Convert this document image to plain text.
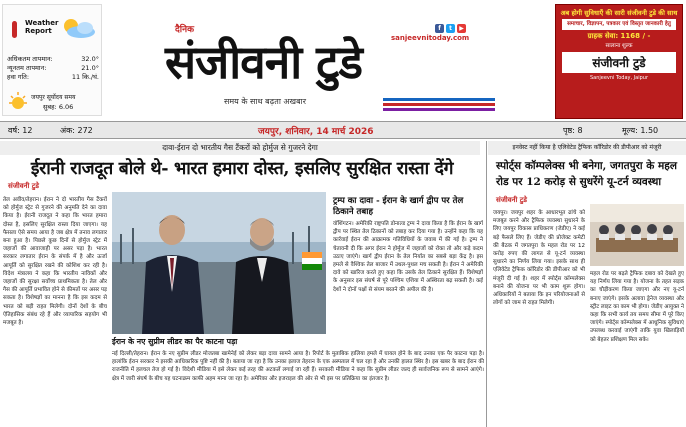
Weather Report
अधिकतम तापमान:	32.0°
न्यूनतम तापमान:	21.0°
हवा गति:	11 कि./घं.
जयपुर सूर्योदय समय
सुबह: 6.06
दैनिक
संजीवनी टुडे	sanjeevnitoday.com
f	t	▶
समय के साथ बढ़ता अखबार
अब होगी सुविधाएँ की सारी संजीवनी टुडे की साथ
समाचार, विज्ञापन, पत्रकार एवं विस्तृत जानकारी हेतु
ग्राहक सेवा: 1168 / -
सालाना शुल्क
संजीवनी टुडे
Sanjeevni Today, Jaipur
वर्ष: 12	अंक: 272	जयपुर, शनिवार, 14 मार्च 2026	पृष्ठ: 8	मूल्य: 1.50
दावा-ईरान दो भारतीय गैस टैंकरों को होर्मुज से गुजरने देगा
ईरानी राजदूत बोले थे- भारत हमारा दोस्त, इसलिए सुरक्षित रास्ता देंगे
संजीवनी टुडे
तेल अवीव/तेहरान। ईरान ने दो भारतीय गैस टैंकरों को होर्मुज स्ट्रेट से गुजरने की अनुमति देने का दावा किया है। ईरानी राजदूत ने कहा कि भारत हमारा दोस्त है, इसलिए सुरक्षित रास्ता दिया जाएगा। यह फैसला ऐसे समय आया है जब क्षेत्र में तनाव लगातार बना हुआ है। पिछले कुछ दिनों से होर्मुज स्ट्रेट में जहाजों की आवाजाही पर असर पड़ा है। भारत सरकार लगातार ईरान के संपर्क में है और ऊर्जा आपूर्ति को सुरक्षित रखने की कोशिश कर रही है। विदेश मंत्रालय ने कहा कि भारतीय नाविकों और जहाजों की सुरक्षा सर्वोच्च प्राथमिकता है। तेल और गैस की आपूर्ति प्रभावित होने से कीमतों पर असर पड़ सकता है। विशेषज्ञों का मानना है कि इस कदम से भारत को बड़ी राहत मिलेगी। दोनों देशों के बीच ऐतिहासिक संबंध रहे हैं और व्यापारिक सहयोग भी मजबूत है।
ईरान के नए सुप्रीम लीडर का पैर काटना पड़ा
नई दिल्ली/तेहरान। ईरान के नए सुप्रीम लीडर मोजतबा खामेनेई को लेकर बड़ा दावा सामने आया है। रिपोर्ट के मुताबिक हालिया हमले में घायल होने के बाद उनका एक पैर काटना पड़ा है। हालांकि ईरान सरकार ने इसकी आधिकारिक पुष्टि नहीं की है। बताया जा रहा है कि उनका इलाज तेहरान के एक अस्पताल में चल रहा है और उनकी हालत स्थिर है। इस खबर के बाद ईरान की राजनीति में हलचल तेज हो गई है। विदेशी मीडिया में इसे लेकर कई तरह की अटकलें लगाई जा रही हैं। सरकारी मीडिया ने कहा कि सुप्रीम लीडर जल्द ही सार्वजनिक रूप से सामने आएंगे। क्षेत्र में जारी संघर्ष के बीच यह घटनाक्रम काफी अहम माना जा रहा है। अमेरिका और इजराइल की ओर से भी इस पर प्रतिक्रिया का इंतजार है।
ट्रम्प का दावा - ईरान के खार्ग द्वीप पर तेल ठिकाने तबाह
वॉशिंगटन। अमेरिकी राष्ट्रपति डोनाल्ड ट्रम्प ने दावा किया है कि ईरान के खार्ग द्वीप पर स्थित तेल ठिकानों को तबाह कर दिया गया है। उन्होंने कहा कि यह कार्रवाई ईरान की आक्रामक गतिविधियों के जवाब में की गई है। ट्रम्प ने चेतावनी दी कि अगर ईरान ने होर्मुज में जहाजों को रोका तो और कड़े कदम उठाए जाएंगे। खार्ग द्वीप ईरान के तेल निर्यात का सबसे बड़ा केंद्र है। इस हमले से वैश्विक तेल बाजार में उथल-पुथल मच सकती है। ईरान ने अमेरिकी दावे को खारिज करते हुए कहा कि उसके तेल ठिकाने सुरक्षित हैं। विशेषज्ञों के अनुसार इस संघर्ष से पूरे पश्चिम एशिया में अस्थिरता बढ़ सकती है। कई देशों ने दोनों पक्षों से संयम बरतने की अपील की है।
इनवेस्ट नहीं किया है एलिवेटेड ट्रैफिक कॉरिडोर की डीपीआर को मंजूरी
स्पोर्ट्स कॉम्पलेक्स भी बनेगा, जगतपुरा के महल रोड पर 12 करोड़ से सुधरेंगे यू-टर्न व्यवस्था
संजीवनी टुडे
जयपुर। जयपुर शहर के आधारभूत ढांचे को मजबूत करने और ट्रैफिक व्यवस्था सुधारने के लिए जयपुर विकास प्राधिकरण (जेडीए) ने कई बड़े फैसले लिए हैं। जेडीए की प्रोजेक्ट कमेटी की बैठक में जगतपुरा के महल रोड पर 12 करोड़ रुपए की लागत से यू-टर्न व्यवस्था सुधारने का निर्णय लिया गया। इसके साथ ही एलिवेटेड ट्रैफिक कॉरिडोर की डीपीआर को भी मंजूरी दी गई है। शहर में स्पोर्ट्स कॉम्पलेक्स बनाने की योजना पर भी काम शुरू होगा। अधिकारियों ने बताया कि इन परियोजनाओं से लोगों को जाम से राहत मिलेगी।
महल रोड पर बढ़ते ट्रैफिक दबाव को देखते हुए यह निर्णय लिया गया है। योजना के तहत सड़क का चौड़ीकरण किया जाएगा और नए यू-टर्न बनाए जाएंगे। इसके अलावा ड्रेनेज व्यवस्था और स्ट्रीट लाइट का काम भी होगा। जेडीए आयुक्त ने कहा कि सभी कार्य तय समय सीमा में पूरे किए जाएंगे। स्पोर्ट्स कॉम्पलेक्स में आधुनिक सुविधाएं उपलब्ध करवाई जाएंगी ताकि युवा खिलाड़ियों को बेहतर प्रशिक्षण मिल सके।
